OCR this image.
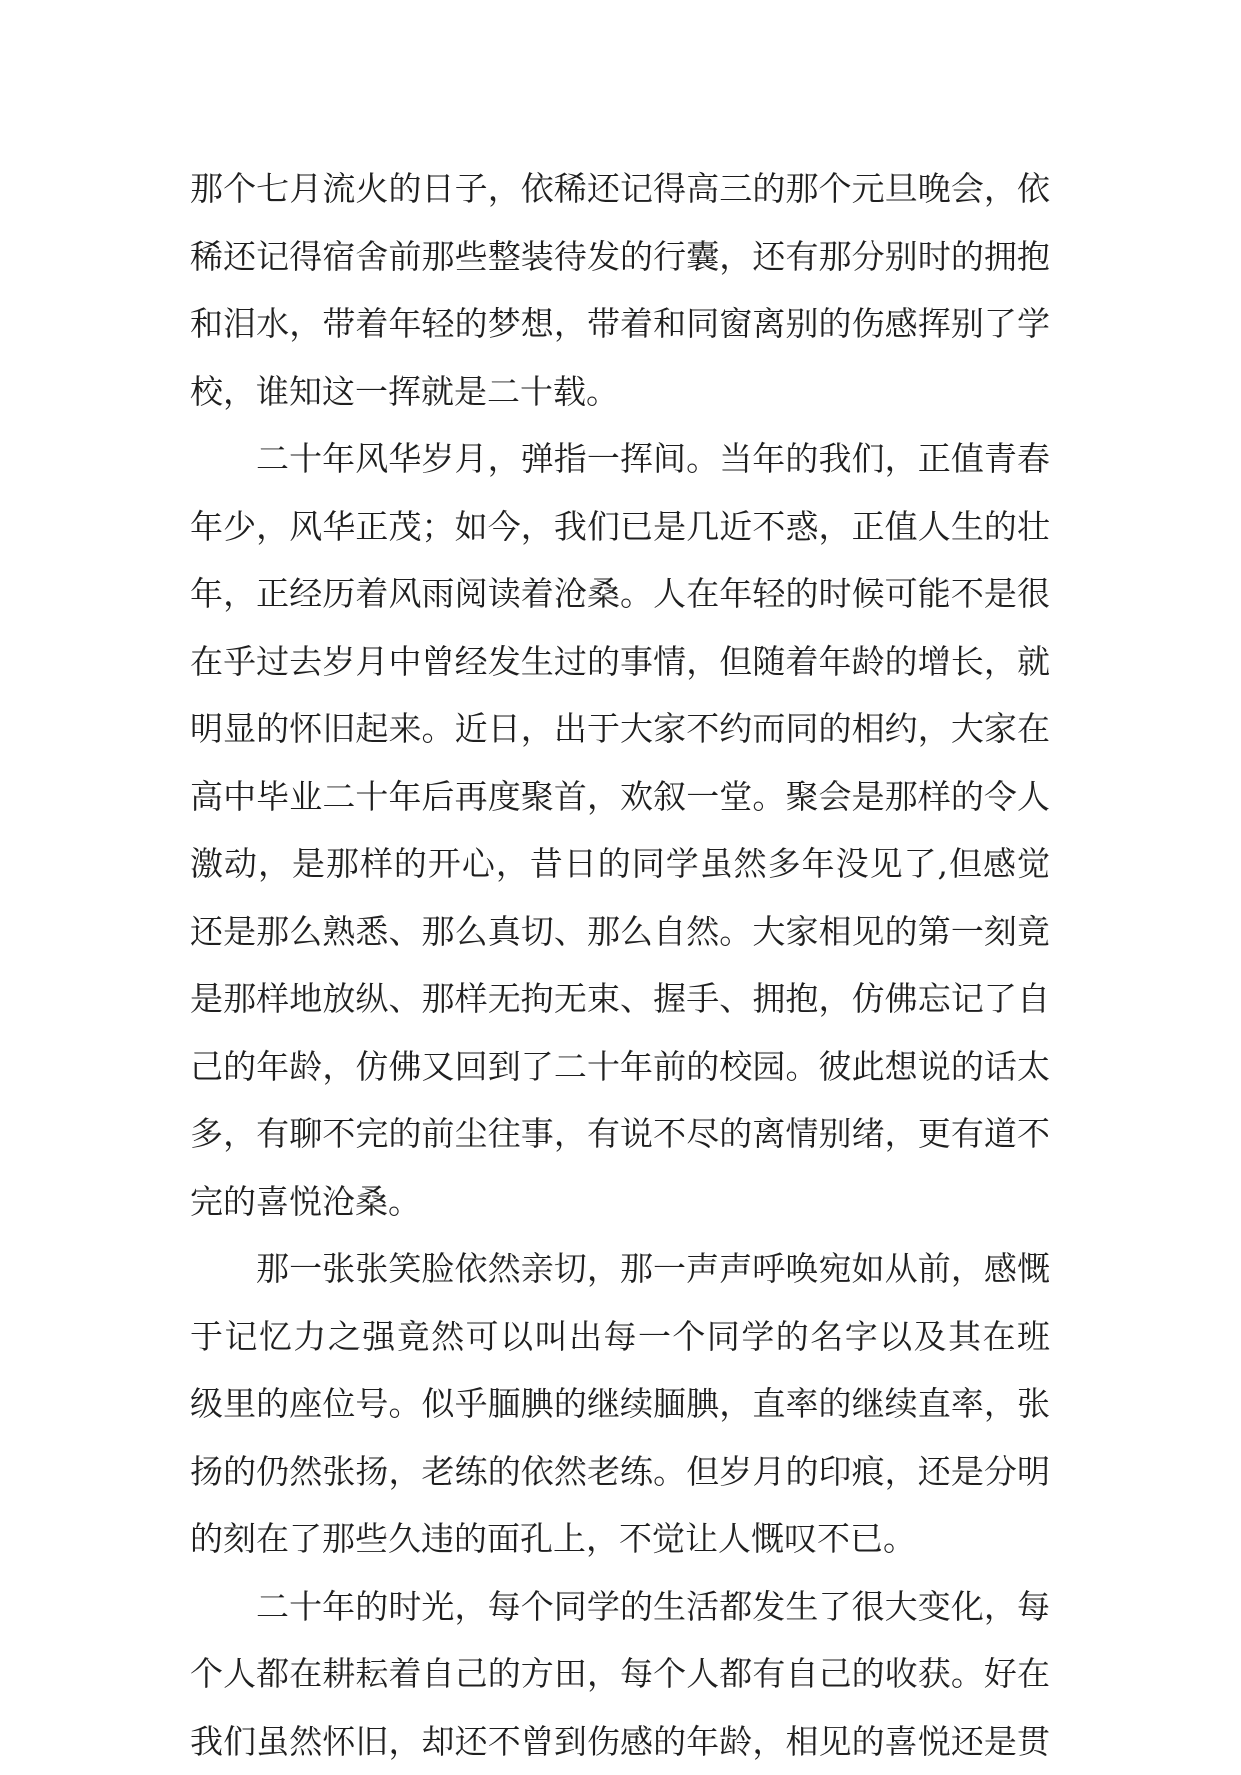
那个七月流火的日子，依稀还记得高三的那个元旦晚会，依
稀还记得宿舍前那些整装待发的行囊，还有那分别时的拥抱
和泪水，带着年轻的梦想，带着和同窗离别的伤感挥别了学
校，谁知这一挥就是二十载。
二十年风华岁月，弹指一挥间。当年的我们，正值青春
年少，风华正茂；如今，我们已是几近不惑，正值人生的壮
年，正经历着风雨阅读着沧桑。人在年轻的时候可能不是很
在乎过去岁月中曾经发生过的事情，但随着年龄的增长，就
明显的怀旧起来。近日，出于大家不约而同的相约，大家在
高中毕业二十年后再度聚首，欢叙一堂。聚会是那样的令人
激动，是那样的开心，昔日的同学虽然多年没见了,但感觉
还是那么熟悉、那么真切、那么自然。大家相见的第一刻竟
是那样地放纵、那样无拘无束、握手、拥抱，仿佛忘记了自
己的年龄，仿佛又回到了二十年前的校园。彼此想说的话太
多，有聊不完的前尘往事，有说不尽的离情别绪，更有道不
完的喜悦沧桑。
那一张张笑脸依然亲切，那一声声呼唤宛如从前，感慨
于记忆力之强竟然可以叫出每一个同学的名字以及其在班
级里的座位号。似乎腼腆的继续腼腆，直率的继续直率，张
扬的仍然张扬，老练的依然老练。但岁月的印痕，还是分明
的刻在了那些久违的面孔上，不觉让人慨叹不已。
二十年的时光，每个同学的生活都发生了很大变化，每
个人都在耕耘着自己的方田，每个人都有自己的收获。好在
我们虽然怀旧，却还不曾到伤感的年龄，相见的喜悦还是贯
